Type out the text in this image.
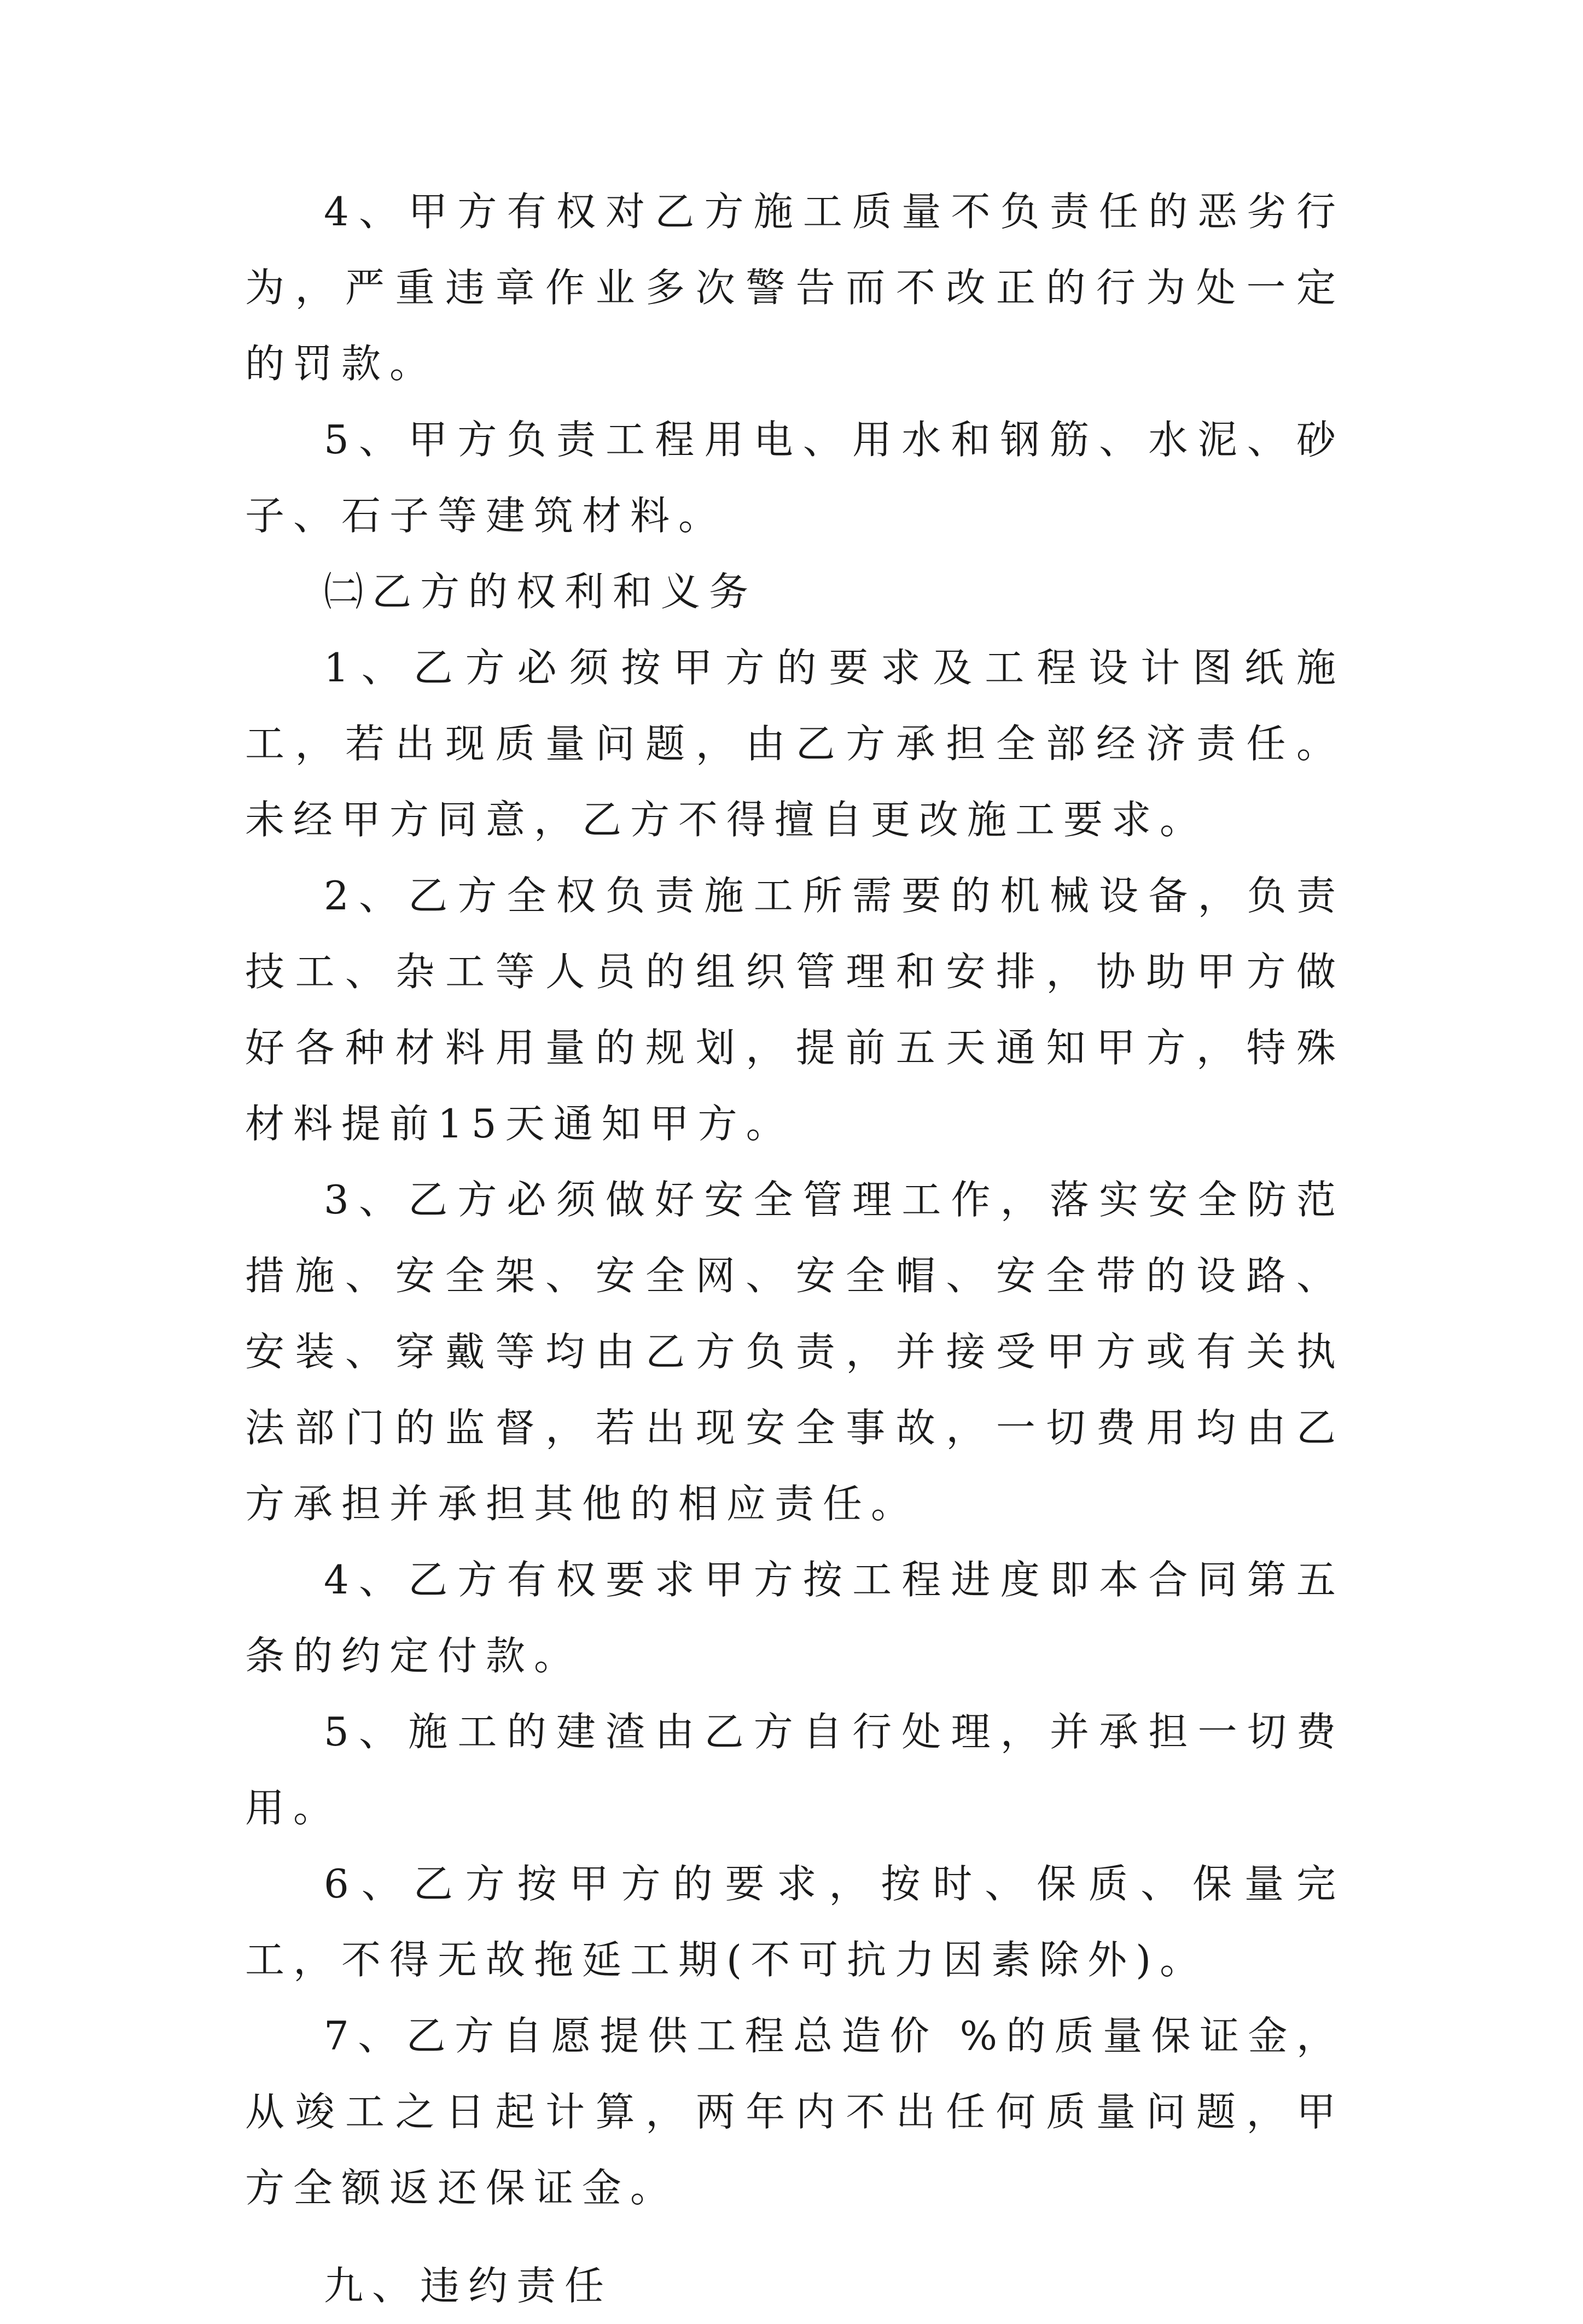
4、甲方有权对乙方施工质量不负责任的恶劣行为，严重违章作业多次警告而不改正的行为处一定的罚款。

5、甲方负责工程用电、用水和钢筋、水泥、砂子、石子等建筑材料。

㈡乙方的权利和义务

1、乙方必须按甲方的要求及工程设计图纸施工，若出现质量问题，由乙方承担全部经济责任。未经甲方同意，乙方不得擅自更改施工要求。

2、乙方全权负责施工所需要的机械设备，负责技工、杂工等人员的组织管理和安排，协助甲方做好各种材料用量的规划，提前五天通知甲方，特殊材料提前15天通知甲方。

3、乙方必须做好安全管理工作，落实安全防范措施、安全架、安全网、安全帽、安全带的设路、安装、穿戴等均由乙方负责，并接受甲方或有关执法部门的监督，若出现安全事故，一切费用均由乙方承担并承担其他的相应责任。

4、乙方有权要求甲方按工程进度即本合同第五条的约定付款。

5、施工的建渣由乙方自行处理，并承担一切费用。

6、乙方按甲方的要求，按时、保质、保量完工，不得无故拖延工期(不可抗力因素除外)。

7、乙方自愿提供工程总造价 %的质量保证金，从竣工之日起计算，两年内不出任何质量问题，甲方全额返还保证金。

九、违约责任
